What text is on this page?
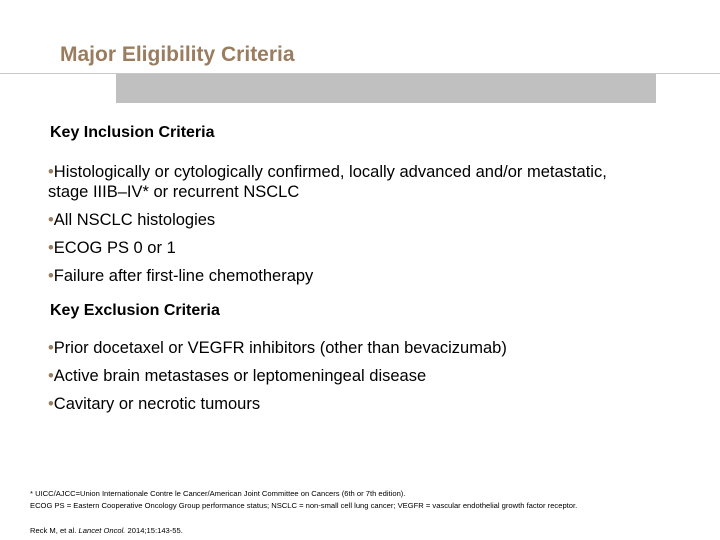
Major Eligibility Criteria
Key Inclusion Criteria
•Histologically or cytologically confirmed, locally advanced and/or metastatic, stage IIIB–IV* or recurrent NSCLC
•All NSCLC histologies
•ECOG PS 0 or 1
•Failure after first-line chemotherapy
Key Exclusion Criteria
•Prior docetaxel or VEGFR inhibitors (other than bevacizumab)
•Active brain metastases or leptomeningeal disease
•Cavitary or necrotic tumours
* UICC/AJCC=Union Internationale Contre le Cancer/American Joint Committee on Cancers (6th or 7th edition).
ECOG PS = Eastern Cooperative Oncology Group performance status; NSCLC = non-small cell lung cancer; VEGFR = vascular endothelial growth factor receptor.
Reck M, et al. Lancet Oncol. 2014;15:143-55.
